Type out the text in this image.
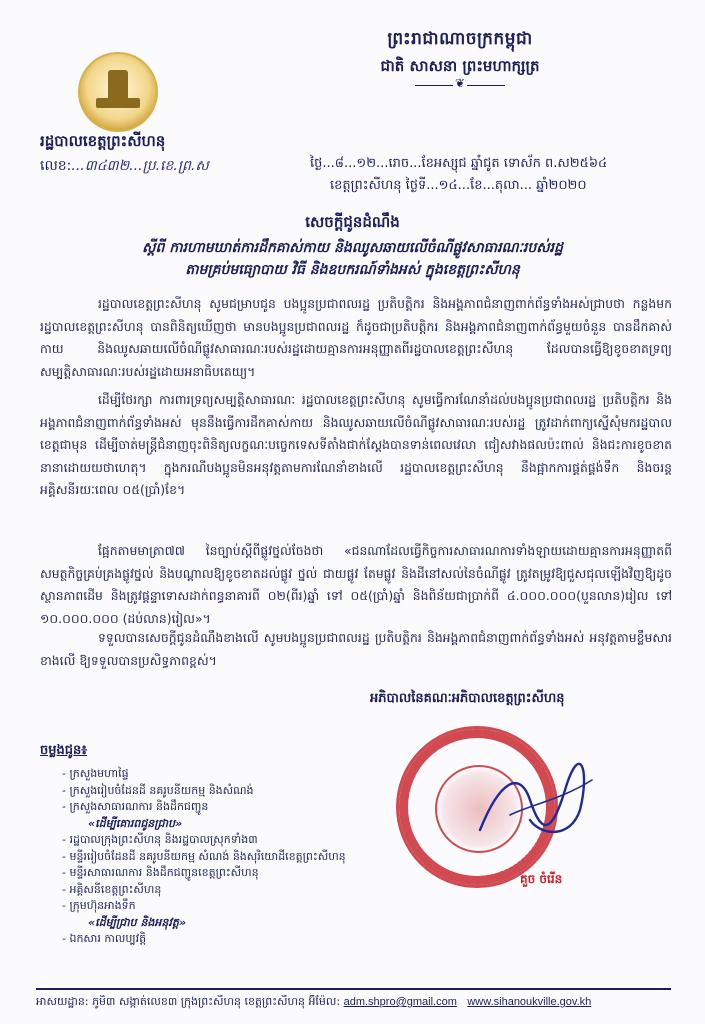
ព្រះរាជាណាចក្រកម្ពុជា
ជាតិ សាសនា ព្រះមហាក្សត្រ
❦
រដ្ឋបាលខេត្តព្រះសីហនុ
លេខ:...៣៤៣២...ប្រ.ខេ.ព្រ.ស	ថ្ងៃ...៨...១២...រោច...ខែអស្សុជ ឆ្នាំជូត ទោស័ក ព.ស២៥៦៤
ខេត្តព្រះសីហនុ ថ្ងៃទី...១៤...ខែ...តុលា... ឆ្នាំ២០២០
សេចក្ដីជូនដំណឹង
ស្ដីពី ការហាមឃាត់ការដឹកគាស់កាយ និងឈូសឆាយលើចំណីផ្លូវសាធារណៈរបស់រដ្ឋ
តាមគ្រប់មធ្យោបាយ វិធី និងឧបករណ៍ទាំងអស់ ក្នុងខេត្តព្រះសីហនុ
រដ្ឋបាលខេត្តព្រះសីហនុ សូមជម្រាបជូន បងប្អូនប្រជាពលរដ្ឋ ប្រតិបត្តិករ និងអង្គភាពជំនាញពាក់ព័ន្ធទាំងអស់ជ្រាបថា កន្លងមក រដ្ឋបាលខេត្តព្រះសីហនុ បានពិនិត្យឃើញថា មានបងប្អូនប្រជាពលរដ្ឋ ក៏ដូចជាប្រតិបត្តិករ និងអង្គភាពជំនាញពាក់ព័ន្ធមួយចំនួន បានដឹកគាស់កាយ និងឈូសឆាយលើចំណីផ្លូវសាធារណៈរបស់រដ្ឋដោយគ្មានការអនុញ្ញាតពីរដ្ឋបាលខេត្តព្រះសីហនុ ដែលបានធ្វើឱ្យខូចខាតទ្រព្យសម្បត្តិសាធារណៈរបស់រដ្ឋដោយអនាធិបតេយ្យ។
ដើម្បីថែរក្សា ការពារទ្រព្យសម្បត្តិសាធារណៈ រដ្ឋបាលខេត្តព្រះសីហនុ សូមធ្វើការណែនាំដល់បងប្អូនប្រជាពលរដ្ឋ ប្រតិបត្តិករ និងអង្គភាពជំនាញពាក់ព័ន្ធទាំងអស់ មុននឹងធ្វើការដឹកគាស់កាយ និងឈូសឆាយលើចំណីផ្លូវសាធារណៈរបស់រដ្ឋ ត្រូវដាក់ពាក្យស្នើសុំមករដ្ឋបាលខេត្តជាមុន ដើម្បីចាត់មន្ត្រីជំនាញចុះពិនិត្យលក្ខណៈបច្ចេកទេសទីតាំងជាក់ស្ដែងបានទាន់ពេលវេលា ជៀសវាងផលប៉ះពាល់ និងជះការខូចខាតនានាដោយយថាហេតុ។ ក្នុងករណីបងប្អូនមិនអនុវត្តតាមការណែនាំខាងលើ រដ្ឋបាលខេត្តព្រះសីហនុ នឹងផ្អាកការផ្គត់ផ្គង់ទឹក និងចរន្តអគ្គិសនីរយៈពេល ០៥(ប្រាំ)ខែ។
ផ្អែកតាមមាត្រា៧៧ នៃច្បាប់ស្ដីពីផ្លូវថ្នល់ចែងថា «ជនណាដែលធ្វើកិច្ចការសាធារណការទាំងឡាយដោយគ្មានការអនុញ្ញាតពីសមត្ថកិច្ចគ្រប់គ្រងផ្លូវថ្នល់ និងបណ្ដាលឱ្យខូចខាតដល់ផ្លូវ ថ្នល់ ជាយផ្លូវ តែមផ្លូវ និងដីនៅសល់នៃចំណីផ្លូវ ត្រូវតម្រូវឱ្យជួសជុលឡើងវិញឱ្យដូចស្ថានភាពដើម និងត្រូវផ្ដន្ទាទោសដាក់ពន្ធនាគារពី ០២(ពីរ)ឆ្នាំ ទៅ ០៥(ប្រាំ)ឆ្នាំ និងពិន័យជាប្រាក់ពី ៤.០០០.០០០(បួនលាន)រៀល ទៅ ១០.០០០.០០០ (ដប់លាន)រៀល»។
ទទួលបានសេចក្ដីជូនដំណឹងខាងលើ សូមបងប្អូនប្រជាពលរដ្ឋ ប្រតិបត្តិករ និងអង្គភាពជំនាញពាក់ព័ន្ធទាំងអស់ អនុវត្តតាមខ្លឹមសារខាងលើ ឱ្យទទួលបានប្រសិទ្ធភាពខ្ពស់។
អភិបាលនៃគណៈអភិបាលខេត្តព្រះសីហនុ
គួច ចំរើន
ចម្លងជូន៖
- ក្រសួងមហាផ្ទៃ
- ក្រសួងរៀបចំដែនដី នគរូបនីយកម្ម និងសំណង់
- ក្រសួងសាធារណការ និងដឹកជញ្ជូន
«ដើម្បីគោរពជូនជ្រាប»
- រដ្ឋបាលក្រុងព្រះសីហនុ និងរដ្ឋបាលស្រុកទាំង៣
- មន្ទីររៀបចំដែនដី នគរូបនីយកម្ម សំណង់ និងសុរិយោដីខេត្តព្រះសីហនុ
- មន្ទីរសាធារណការ និងដឹកជញ្ជូនខេត្តព្រះសីហនុ
- អគ្គិសនីខេត្តព្រះសីហនុ
- ក្រុមហ៊ុនអាងទឹក
«ដើម្បីជ្រាប និងអនុវត្ត»
- ឯកសារ កាលប្បវត្តិ
អាសយដ្ឋាន: ភូមិ៣ សង្កាត់លេខ៣ ក្រុងព្រះសីហនុ ខេត្តព្រះសីហនុ អ៊ីម៉ែល: adm.shpro@gmail.com www.sihanoukville.gov.kh
